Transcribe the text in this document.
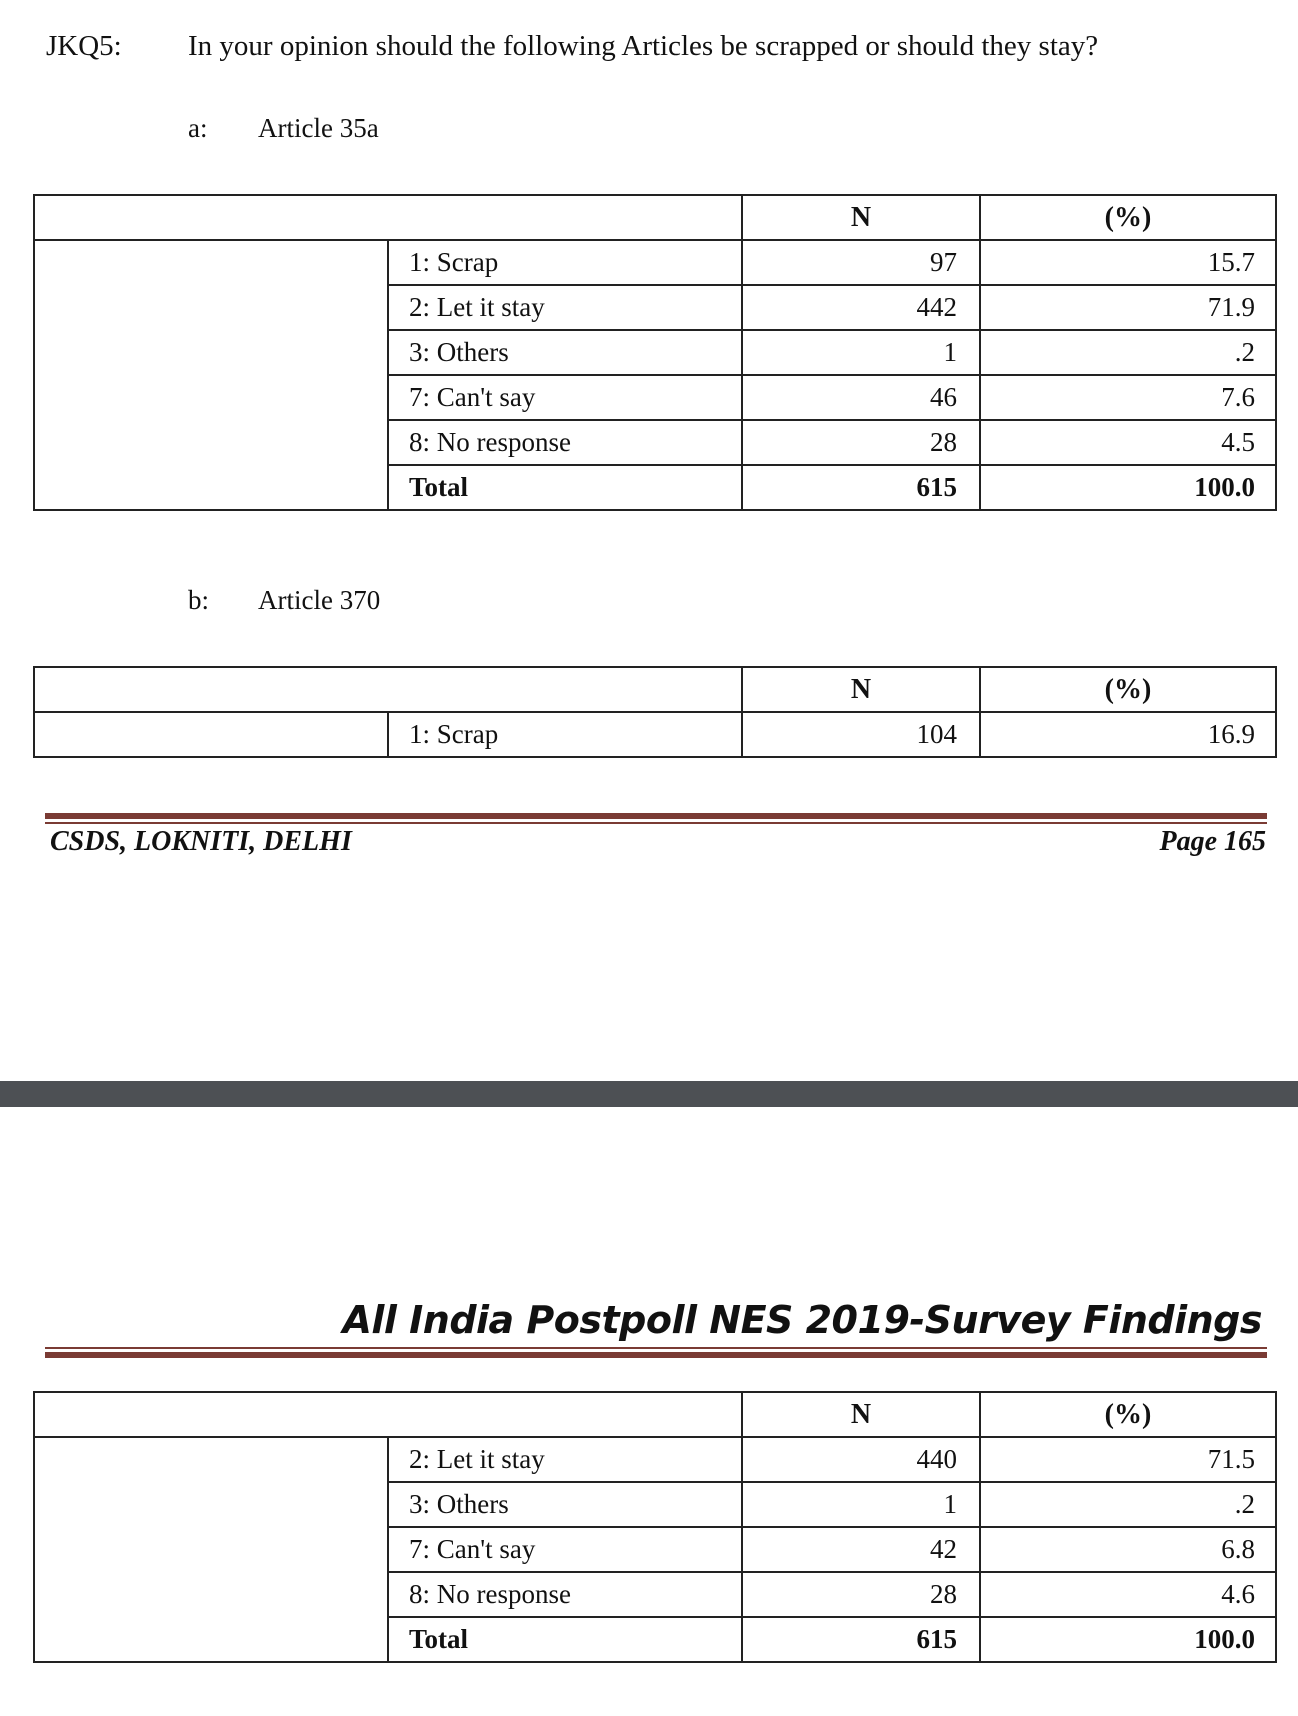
JKQ5: In your opinion should the following Articles be scrapped or should they stay?
a: Article 35a
		N	(%)
	1: Scrap	97	15.7
	2: Let it stay	442	71.9
	3: Others	1	.2
	7: Can't say	46	7.6
	8: No response	28	4.5
	Total	615	100.0
b: Article 370
		N	(%)
	1: Scrap	104	16.9
CSDS, LOKNITI, DELHI	Page 165
All India Postpoll NES 2019-Survey Findings
		N	(%)
	2: Let it stay	440	71.5
	3: Others	1	.2
	7: Can't say	42	6.8
	8: No response	28	4.6
	Total	615	100.0
